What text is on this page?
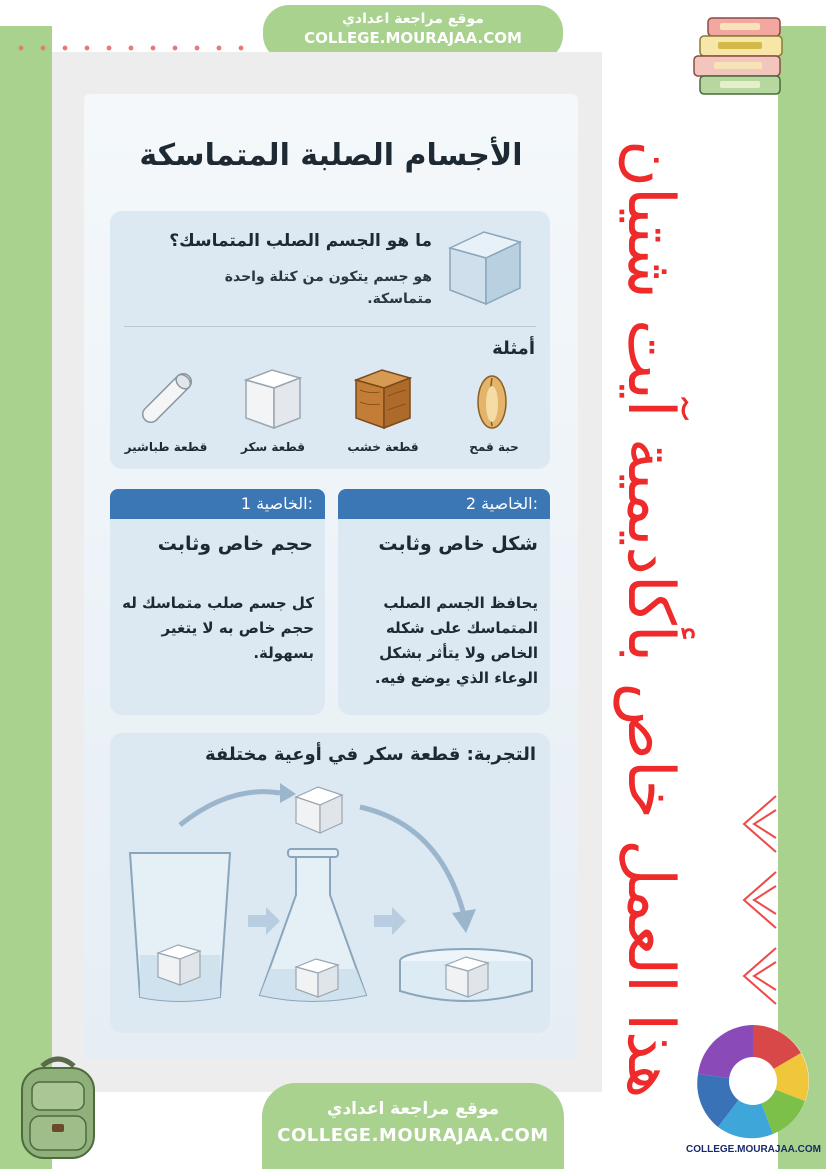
موقع مراجعة اعدادي
COLLEGE.MOURAJAA.COM
الأجسام الصلبة المتماسكة
ما هو الجسم الصلب المتماسك؟
هو جسم يتكون من كتلة واحدة متماسكة.
أمثلة
حبة قمح
قطعة خشب
قطعة سكر
قطعة طباشير
الخاصية 1:	الخاصية 2:
حجم خاص وثابت	شكل خاص وثابت
كل جسم صلب متماسك له حجم خاص به لا يتغير بسهولة.
يحافظ الجسم الصلب المتماسك على شكله الخاص ولا يتأثر بشكل الوعاء الذي يوضع فيه.
التجربة: قطعة سكر في أوعية مختلفة هذا العمل خاص بأكاديمية آيت شتيان
موقع مراجعة اعدادي
COLLEGE.MOURAJAA.COM
COLLEGE.MOURAJAA.COM
